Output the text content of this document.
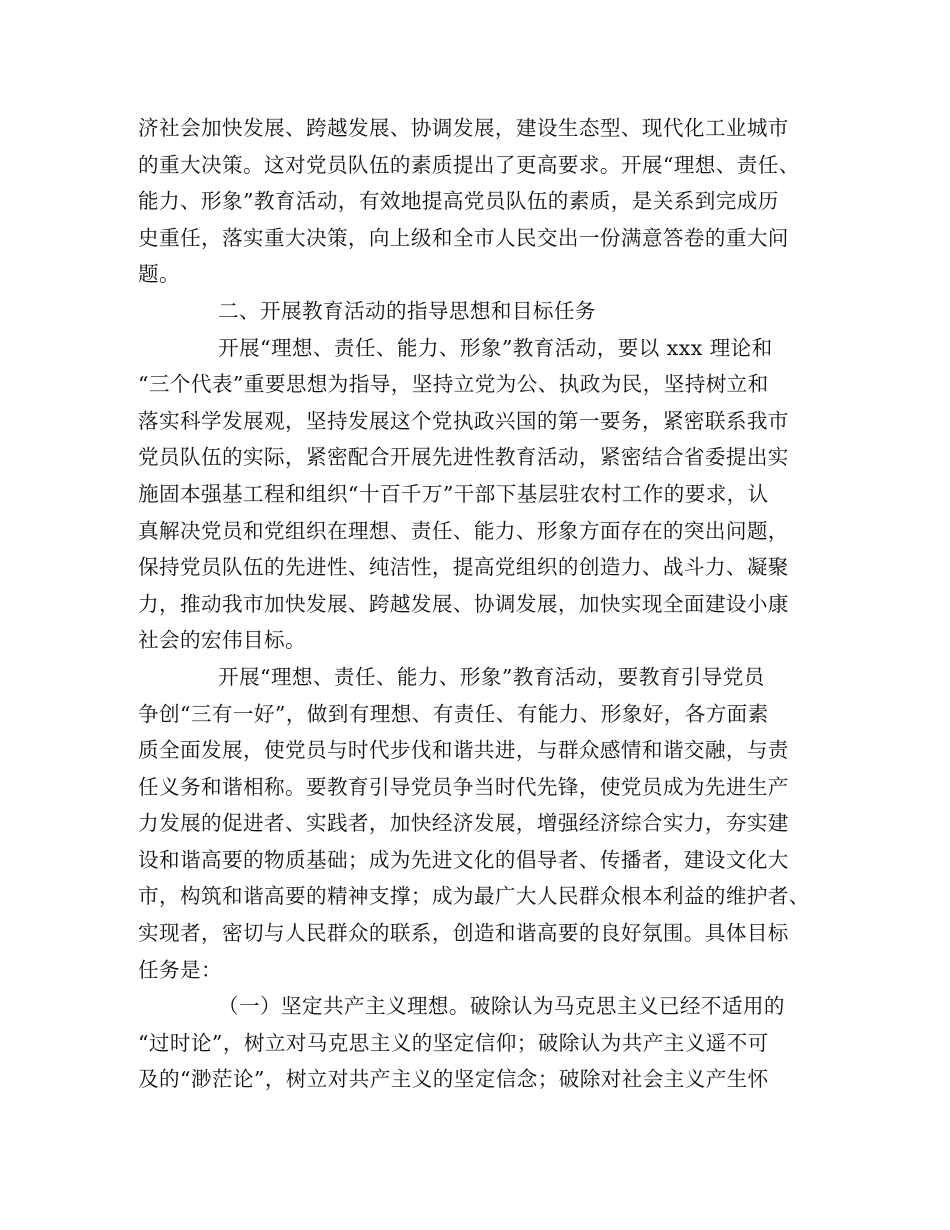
济社会加快发展、跨越发展、协调发展，建设生态型、现代化工业城市
的重大决策。这对党员队伍的素质提出了更高要求。开展“理想、责任、
能力、形象”教育活动，有效地提高党员队伍的素质，是关系到完成历
史重任，落实重大决策，向上级和全市人民交出一份满意答卷的重大问
题。
二、开展教育活动的指导思想和目标任务
开展“理想、责任、能力、形象”教育活动，要以 xxx 理论和
“三个代表”重要思想为指导，坚持立党为公、执政为民，坚持树立和
落实科学发展观，坚持发展这个党执政兴国的第一要务，紧密联系我市
党员队伍的实际，紧密配合开展先进性教育活动，紧密结合省委提出实
施固本强基工程和组织“十百千万”干部下基层驻农村工作的要求，认
真解决党员和党组织在理想、责任、能力、形象方面存在的突出问题，
保持党员队伍的先进性、纯洁性，提高党组织的创造力、战斗力、凝聚
力，推动我市加快发展、跨越发展、协调发展，加快实现全面建设小康
社会的宏伟目标。
开展“理想、责任、能力、形象”教育活动，要教育引导党员
争创“三有一好”，做到有理想、有责任、有能力、形象好，各方面素
质全面发展，使党员与时代步伐和谐共进，与群众感情和谐交融，与责
任义务和谐相称。要教育引导党员争当时代先锋，使党员成为先进生产
力发展的促进者、实践者，加快经济发展，增强经济综合实力，夯实建
设和谐高要的物质基础；成为先进文化的倡导者、传播者，建设文化大
市，构筑和谐高要的精神支撑；成为最广大人民群众根本利益的维护者、
实现者，密切与人民群众的联系，创造和谐高要的良好氛围。具体目标
任务是：
（一）坚定共产主义理想。破除认为马克思主义已经不适用的
“过时论”，树立对马克思主义的坚定信仰；破除认为共产主义遥不可
及的“渺茫论”，树立对共产主义的坚定信念；破除对社会主义产生怀
